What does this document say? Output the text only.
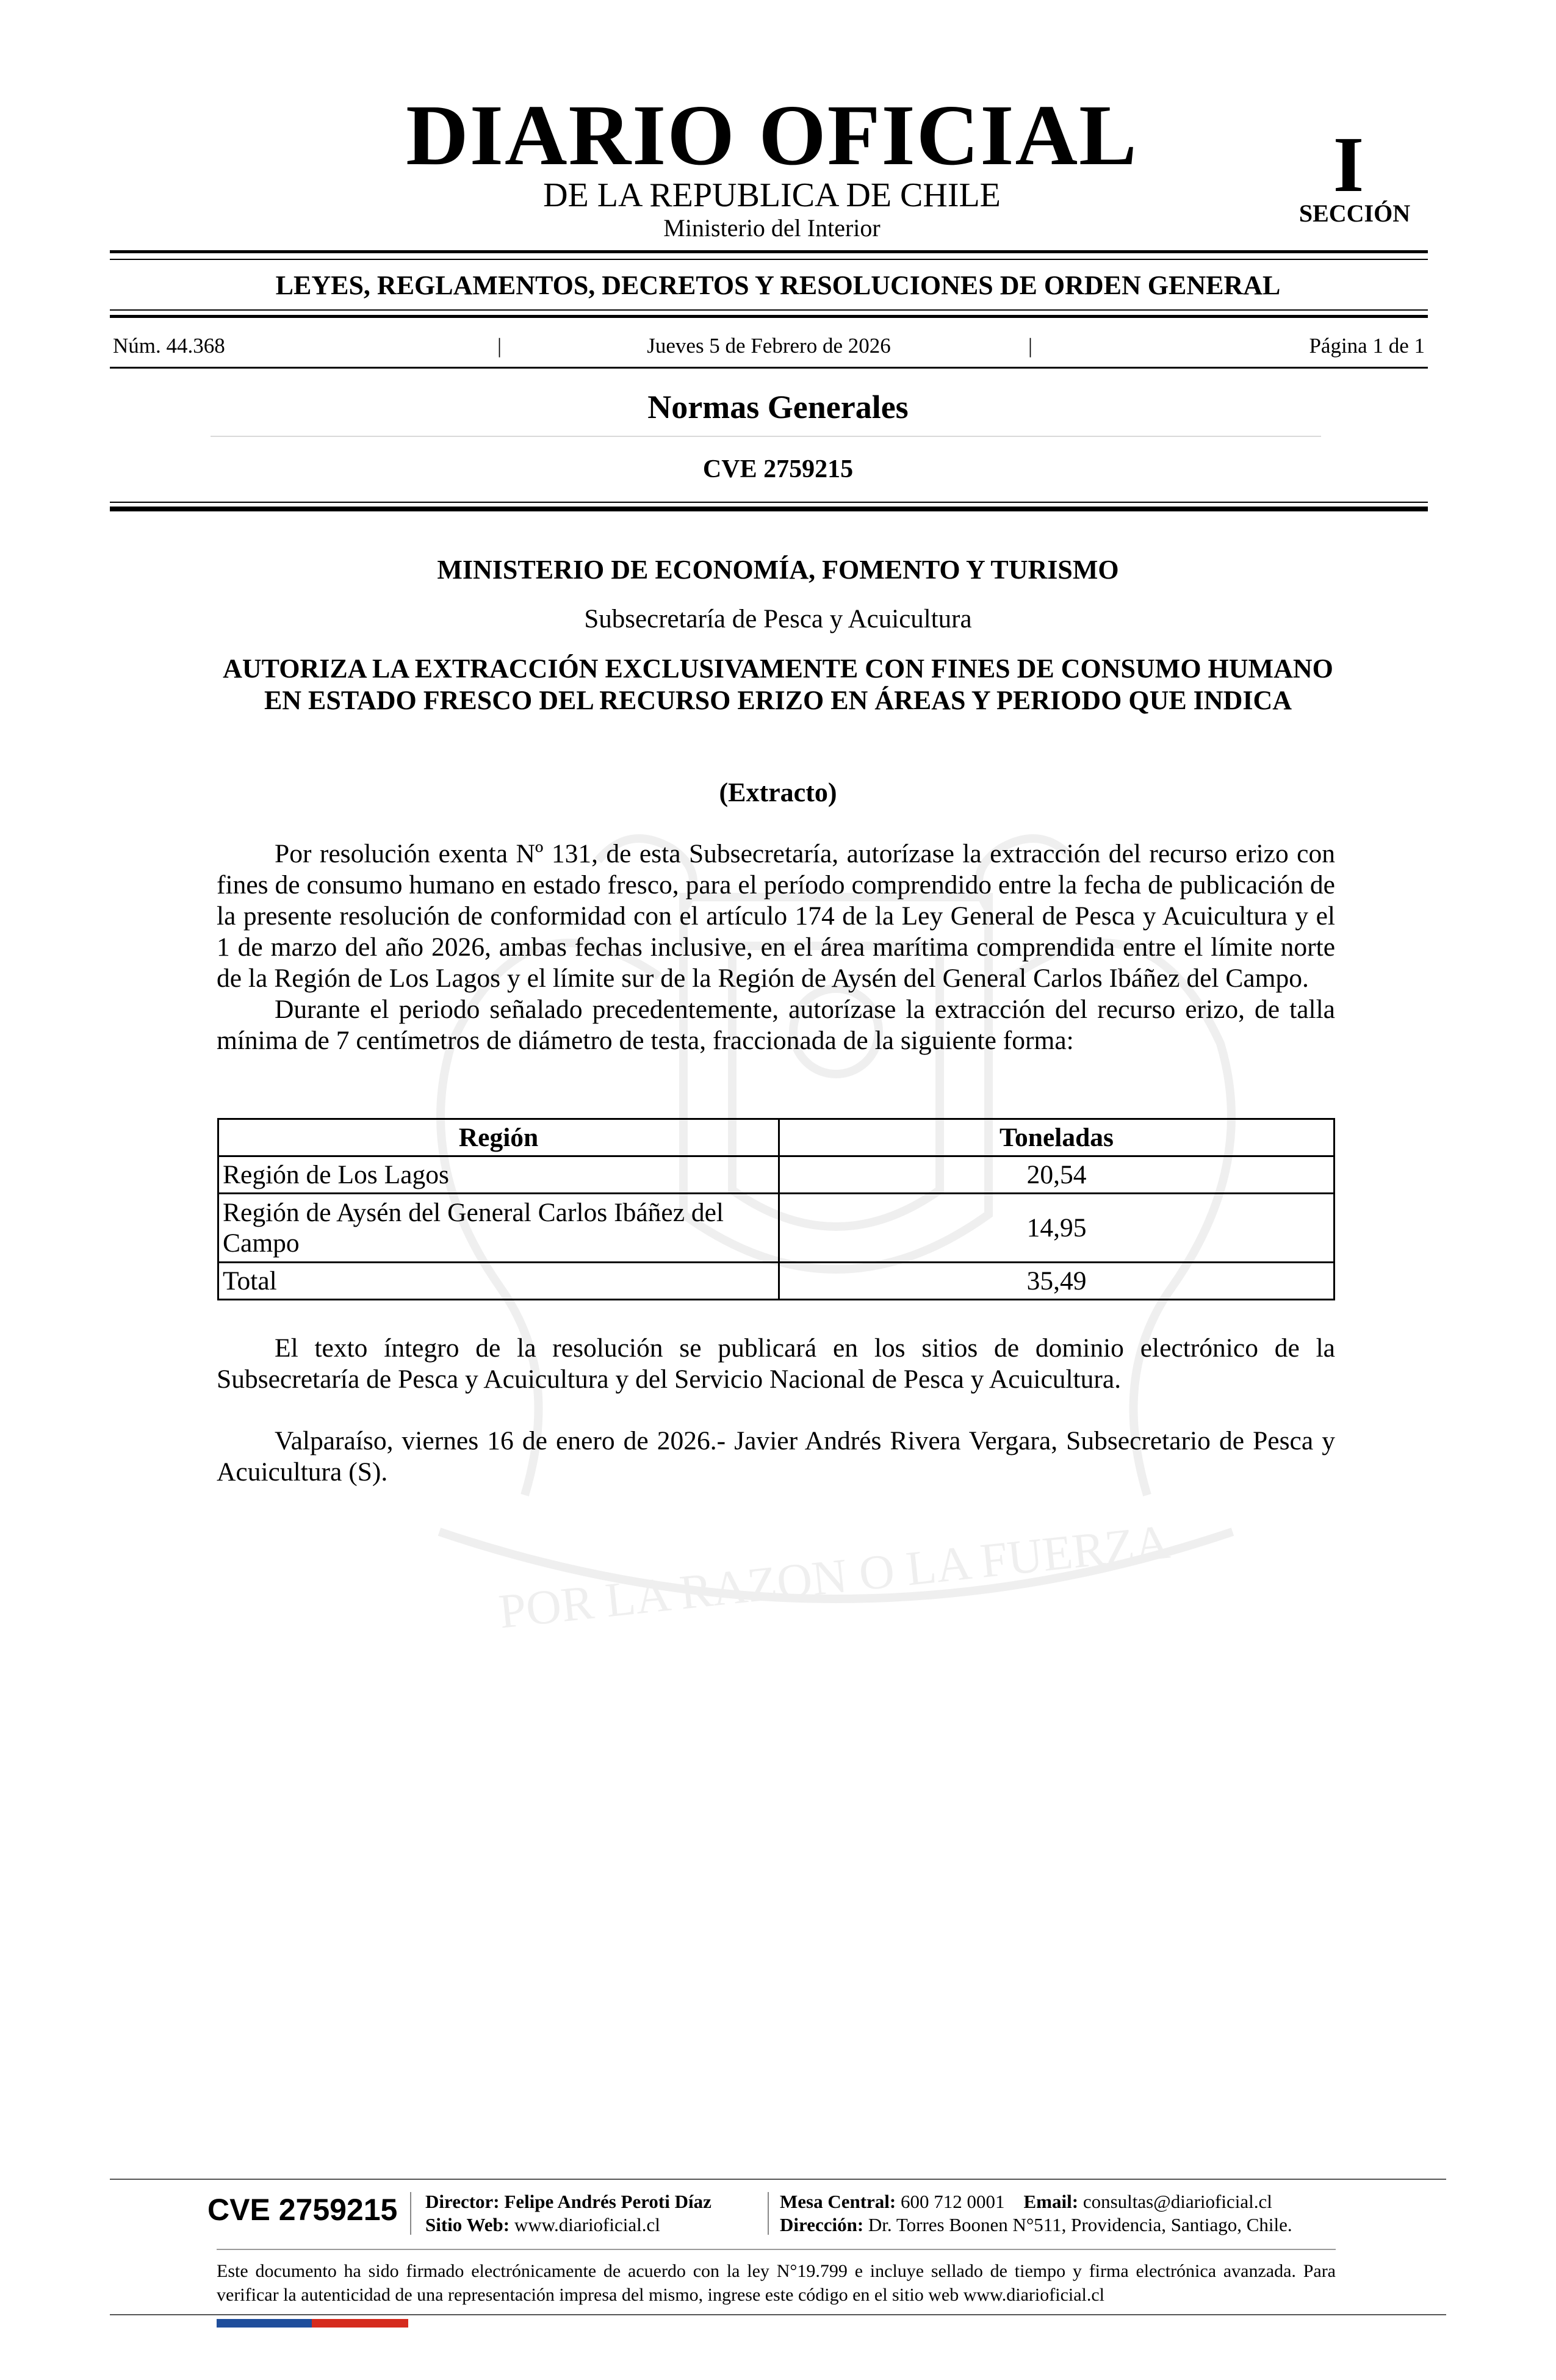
POR LA RAZON O LA FUERZA
DIARIO OFICIAL
DE LA REPUBLICA DE CHILE
Ministerio del Interior
I
SECCIÓN
LEYES, REGLAMENTOS, DECRETOS Y RESOLUCIONES DE ORDEN GENERAL
Núm. 44.368	|	Jueves 5 de Febrero de 2026	|	Página 1 de 1
Normas Generales
CVE 2759215
MINISTERIO DE ECONOMÍA, FOMENTO Y TURISMO
Subsecretaría de Pesca y Acuicultura
AUTORIZA LA EXTRACCIÓN EXCLUSIVAMENTE CON FINES DE CONSUMO HUMANO EN ESTADO FRESCO DEL RECURSO ERIZO EN ÁREAS Y PERIODO QUE INDICA
(Extracto)

Por resolución exenta Nº 131, de esta Subsecretaría, autorízase la extracción del recurso erizo con fines de consumo humano en estado fresco, para el período comprendido entre la fecha de publicación de la presente resolución de conformidad con el artículo 174 de la Ley General de Pesca y Acuicultura y el 1 de marzo del año 2026, ambas fechas inclusive, en el área marítima comprendida entre el límite norte de la Región de Los Lagos y el límite sur de la Región de Aysén del General Carlos Ibáñez del Campo.

Durante el periodo señalado precedentemente, autorízase la extracción del recurso erizo, de talla mínima de 7 centímetros de diámetro de testa, fraccionada de la siguiente forma:

Región	Toneladas
Región de Los Lagos	20,54
Región de Aysén del General Carlos Ibáñez del Campo	14,95
Total	35,49

El texto íntegro de la resolución se publicará en los sitios de dominio electrónico de la Subsecretaría de Pesca y Acuicultura y del Servicio Nacional de Pesca y Acuicultura.

Valparaíso, viernes 16 de enero de 2026.- Javier Andrés Rivera Vergara, Subsecretario de Pesca y Acuicultura (S).

CVE 2759215 Director: Felipe Andrés Peroti Díaz
Sitio Web: www.diarioficial.cl
Mesa Central: 600 712 0001 Email: consultas@diarioficial.cl
Dirección: Dr. Torres Boonen N°511, Providencia, Santiago, Chile.
Este documento ha sido firmado electrónicamente de acuerdo con la ley N°19.799 e incluye sellado de tiempo y firma electrónica avanzada. Para verificar la autenticidad de una representación impresa del mismo, ingrese este código en el sitio web www.diarioficial.cl
